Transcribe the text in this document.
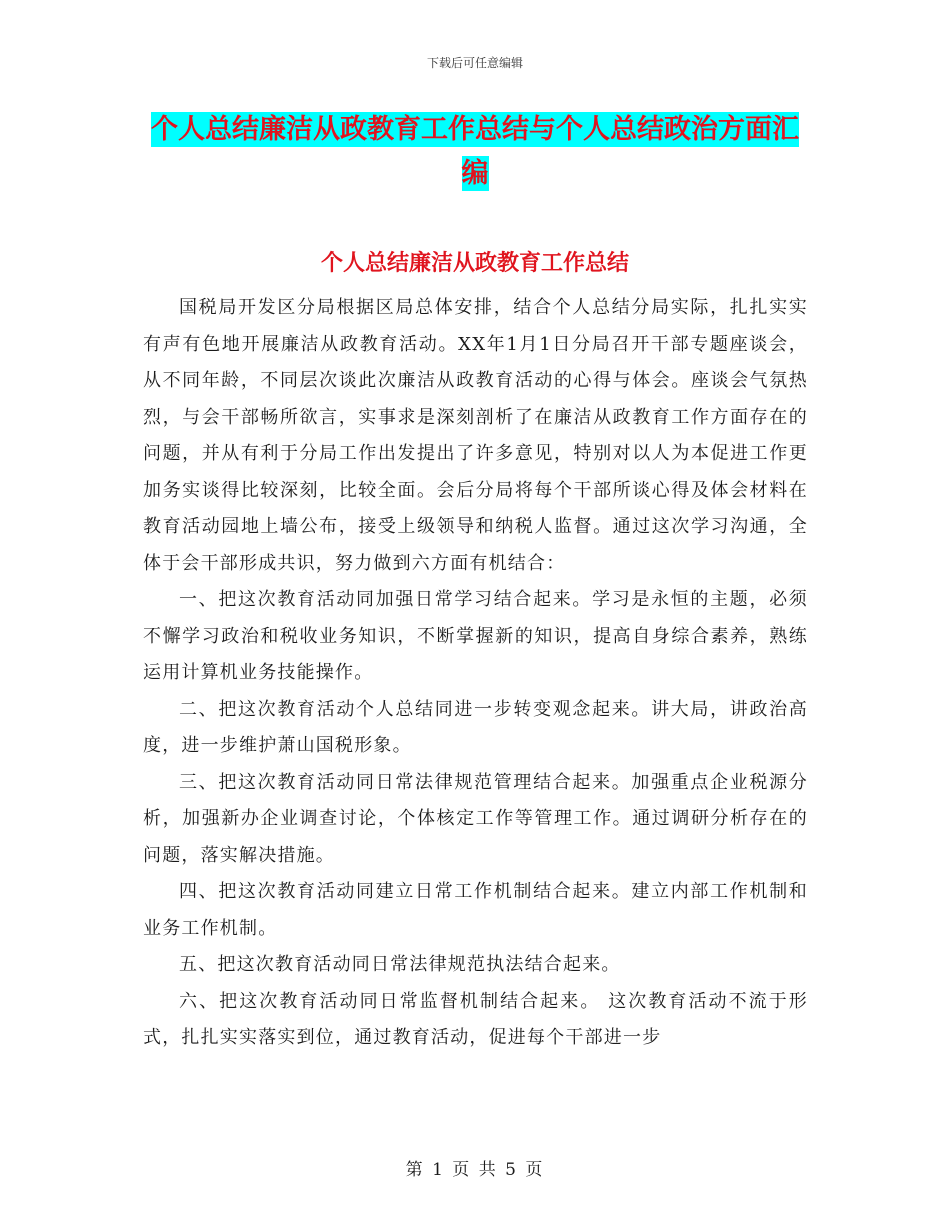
下载后可任意编辑
个人总结廉洁从政教育工作总结与个人总结政治方面汇编
个人总结廉洁从政教育工作总结

国税局开发区分局根据区局总体安排，结合个人总结分局实际，扎扎实实有声有色地开展廉洁从政教育活动。XX年1月1日分局召开干部专题座谈会，从不同年龄，不同层次谈此次廉洁从政教育活动的心得与体会。座谈会气氛热烈，与会干部畅所欲言，实事求是深刻剖析了在廉洁从政教育工作方面存在的问题，并从有利于分局工作出发提出了许多意见，特别对以人为本促进工作更加务实谈得比较深刻，比较全面。会后分局将每个干部所谈心得及体会材料在教育活动园地上墙公布，接受上级领导和纳税人监督。通过这次学习沟通，全体于会干部形成共识，努力做到六方面有机结合：

一、把这次教育活动同加强日常学习结合起来。学习是永恒的主题，必须不懈学习政治和税收业务知识，不断掌握新的知识，提高自身综合素养，熟练运用计算机业务技能操作。

二、把这次教育活动个人总结同进一步转变观念起来。讲大局，讲政治高度，进一步维护萧山国税形象。

三、把这次教育活动同日常法律规范管理结合起来。加强重点企业税源分析，加强新办企业调查讨论，个体核定工作等管理工作。通过调研分析存在的问题，落实解决措施。

四、把这次教育活动同建立日常工作机制结合起来。建立内部工作机制和业务工作机制。

五、把这次教育活动同日常法律规范执法结合起来。

六、把这次教育活动同日常监督机制结合起来。 这次教育活动不流于形式，扎扎实实落实到位，通过教育活动，促进每个干部进一步

第 1 页 共 5 页
